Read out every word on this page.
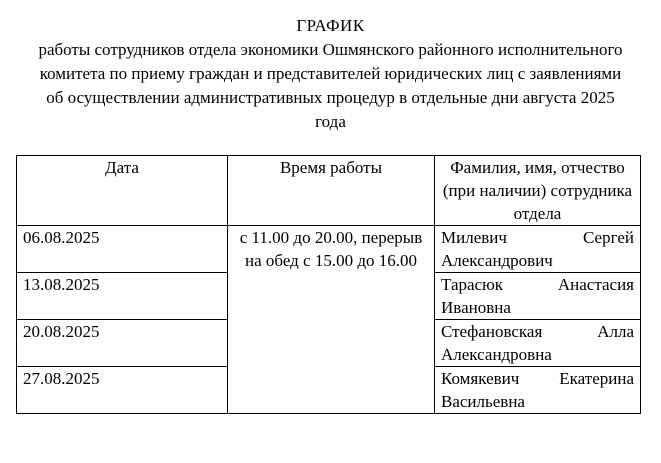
ГРАФИК
работы сотрудников отдела экономики Ошмянского районного исполнительного комитета по приему граждан и представителей юридических лиц с заявлениями об осуществлении административных процедур в отдельные дни августа 2025 года
Дата	Время работы	Фамилия, имя, отчество (при наличии) сотрудника отдела
06.08.2025	с 11.00 до 20.00, перерыв на обед с 15.00 до 16.00	Милевич Сергей
Александрович

13.08.2025		Тарасюк Анастасия
Ивановна

20.08.2025		Стефановская Алла
Александровна

27.08.2025		Комякевич Екатерина
Васильевна
